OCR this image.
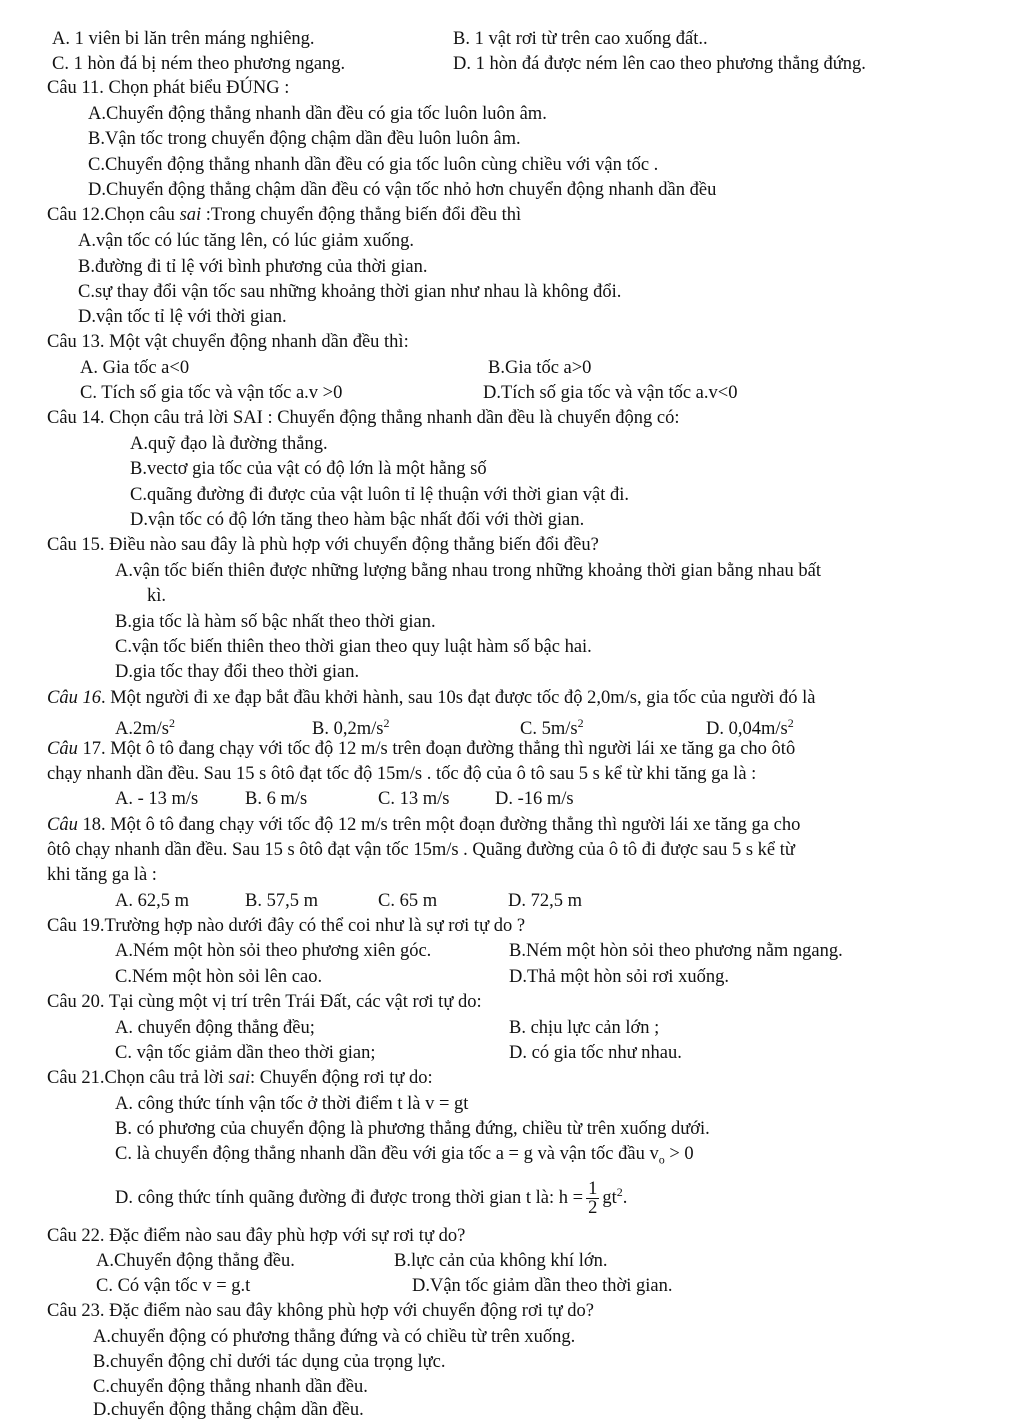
A. 1 viên bi lăn trên máng nghiêng.	B. 1 vật rơi từ trên cao xuống đất..
C. 1 hòn đá bị ném theo phương ngang.	D. 1 hòn đá được ném lên cao theo phương thẳng đứng.
Câu 11. Chọn phát biểu ĐÚNG :
A.Chuyển động thẳng nhanh dần đều có gia tốc luôn luôn âm.
B.Vận tốc trong chuyển động chậm dần đều luôn luôn âm.
C.Chuyển động thẳng nhanh dần đều có gia tốc luôn cùng chiều với vận tốc .
D.Chuyển động thẳng chậm dần đều có vận tốc nhỏ hơn chuyển động nhanh dần đều
Câu 12.Chọn câu sai :Trong chuyển động thẳng biến đổi đều thì
A.vận tốc có lúc tăng lên, có lúc giảm xuống.
B.đường đi tỉ lệ với bình phương của thời gian.
C.sự thay đổi vận tốc sau những khoảng thời gian như nhau là không đổi.
D.vận tốc tỉ lệ với thời gian.
Câu 13. Một vật chuyển động nhanh dần đều thì:
A. Gia tốc a<0	B.Gia tốc a>0
C. Tích số gia tốc và vận tốc a.v >0	D.Tích số gia tốc và vận tốc a.v<0
Câu 14. Chọn câu trả lời SAI : Chuyển động thẳng nhanh dần đều là chuyển động có:
A.quỹ đạo là đường thẳng.
B.vectơ gia tốc của vật có độ lớn là một hằng số
C.quãng đường đi được của vật luôn tỉ lệ thuận với thời gian vật đi.
D.vận tốc có độ lớn tăng theo hàm bậc nhất đối với thời gian.
Câu 15. Điều nào sau đây là phù hợp với chuyển động thẳng biến đổi đều?
A.vận tốc biến thiên được những lượng bằng nhau trong những khoảng thời gian bằng nhau bất
kì.
B.gia tốc là hàm số bậc nhất theo thời gian.
C.vận tốc biến thiên theo thời gian theo quy luật hàm số bậc hai.
D.gia tốc thay đổi theo thời gian.
Câu 16. Một người đi xe đạp bắt đầu khởi hành, sau 10s đạt được tốc độ 2,0m/s, gia tốc của người đó là
$A.2m/s^2$	B. $0,2m/s^2$	C. $5m/s^2$	D. $0,04m/s^2$
Câu 17. Một ô tô đang chạy với tốc độ 12 m/s trên đoạn đường thẳng thì người lái xe tăng ga cho ôtô
chạy nhanh dần đều. Sau 15 s ôtô đạt tốc độ 15m/s . tốc độ của ô tô sau 5 s kể từ khi tăng ga là :
A. - 13 m/s	B. 6 m/s	C. 13 m/s D. -16 m/s
Câu 18. Một ô tô đang chạy với tốc độ 12 m/s trên một đoạn đường thẳng thì người lái xe tăng ga cho
ôtô chạy nhanh dần đều. Sau 15 s ôtô đạt vận tốc 15m/s . Quãng đường của ô tô đi được sau 5 s kể từ
khi tăng ga là :
A. 62,5 m	B. 57,5 m	C. 65 m	D. 72,5 m
Câu 19.Trường hợp nào dưới đây có thể coi như là sự rơi tự do ?
A.Ném một hòn sỏi theo phương xiên góc.	B.Ném một hòn sỏi theo phương nằm ngang.
C.Ném một hòn sỏi lên cao.	D.Thả một hòn sỏi rơi xuống.
Câu 20. Tại cùng một vị trí trên Trái Đất, các vật rơi tự do:
A. chuyển động thẳng đều;	B. chịu lực cản lớn ;
C. vận tốc giảm dần theo thời gian;	D. có gia tốc như nhau.
Câu 21.Chọn câu trả lời sai: Chuyển động rơi tự do:
A. công thức tính vận tốc ở thời điểm t là v = gt
B. có phương của chuyển động là phương thẳng đứng, chiều từ trên xuống dưới.
C. là chuyển động thẳng nhanh dần đều với gia tốc a = g và vận tốc đầu $v_o > 0$
D. công thức tính quãng đường đi được trong thời gian t là: $h = \frac{1}{2} gt^2$.
Câu 22. Đặc điểm nào sau đây phù hợp với sự rơi tự do?
A.Chuyển động thẳng đều.	B.lực cản của không khí lớn.
C. Có vận tốc v = g.t	D.Vận tốc giảm dần theo thời gian.
Câu 23. Đặc điểm nào sau đây không phù hợp với chuyển động rơi tự do?
A.chuyển động có phương thẳng đứng và có chiều từ trên xuống.
B.chuyển động chỉ dưới tác dụng của trọng lực.
C.chuyển động thẳng nhanh dần đều.
D.chuyển động thẳng chậm dần đều.
